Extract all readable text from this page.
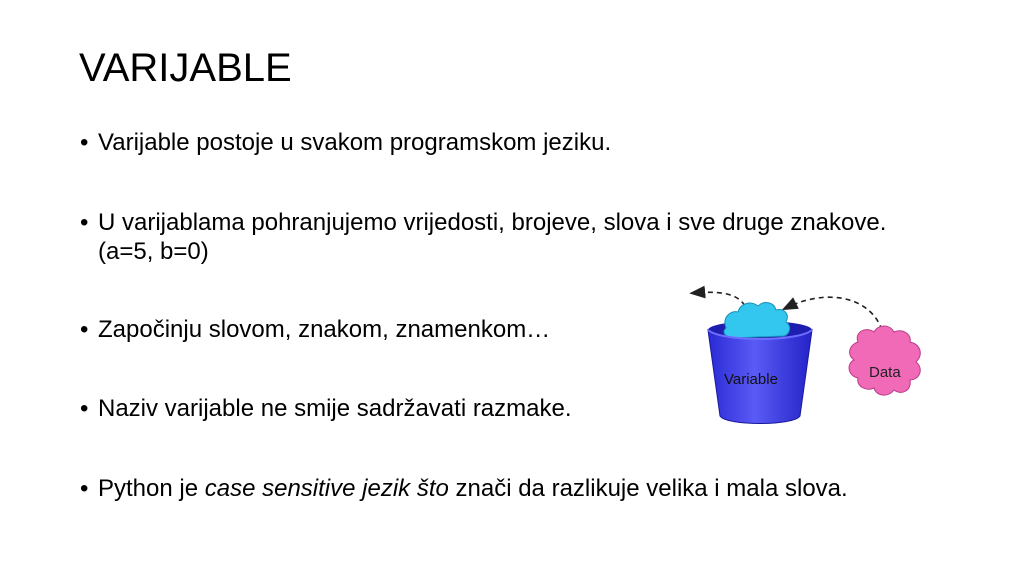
VARIJABLE
• Varijable postoje u svakom programskom jeziku.
• U varijablama pohranjujemo vrijedosti, brojeve, slova i sve druge znakove. (a=5, b=0)
• Započinju slovom, znakom, znamenkom…
• Naziv varijable ne smije sadržavati razmake.
• Python je case sensitive jezik što znači da razlikuje velika i mala slova.
Variable	Data
